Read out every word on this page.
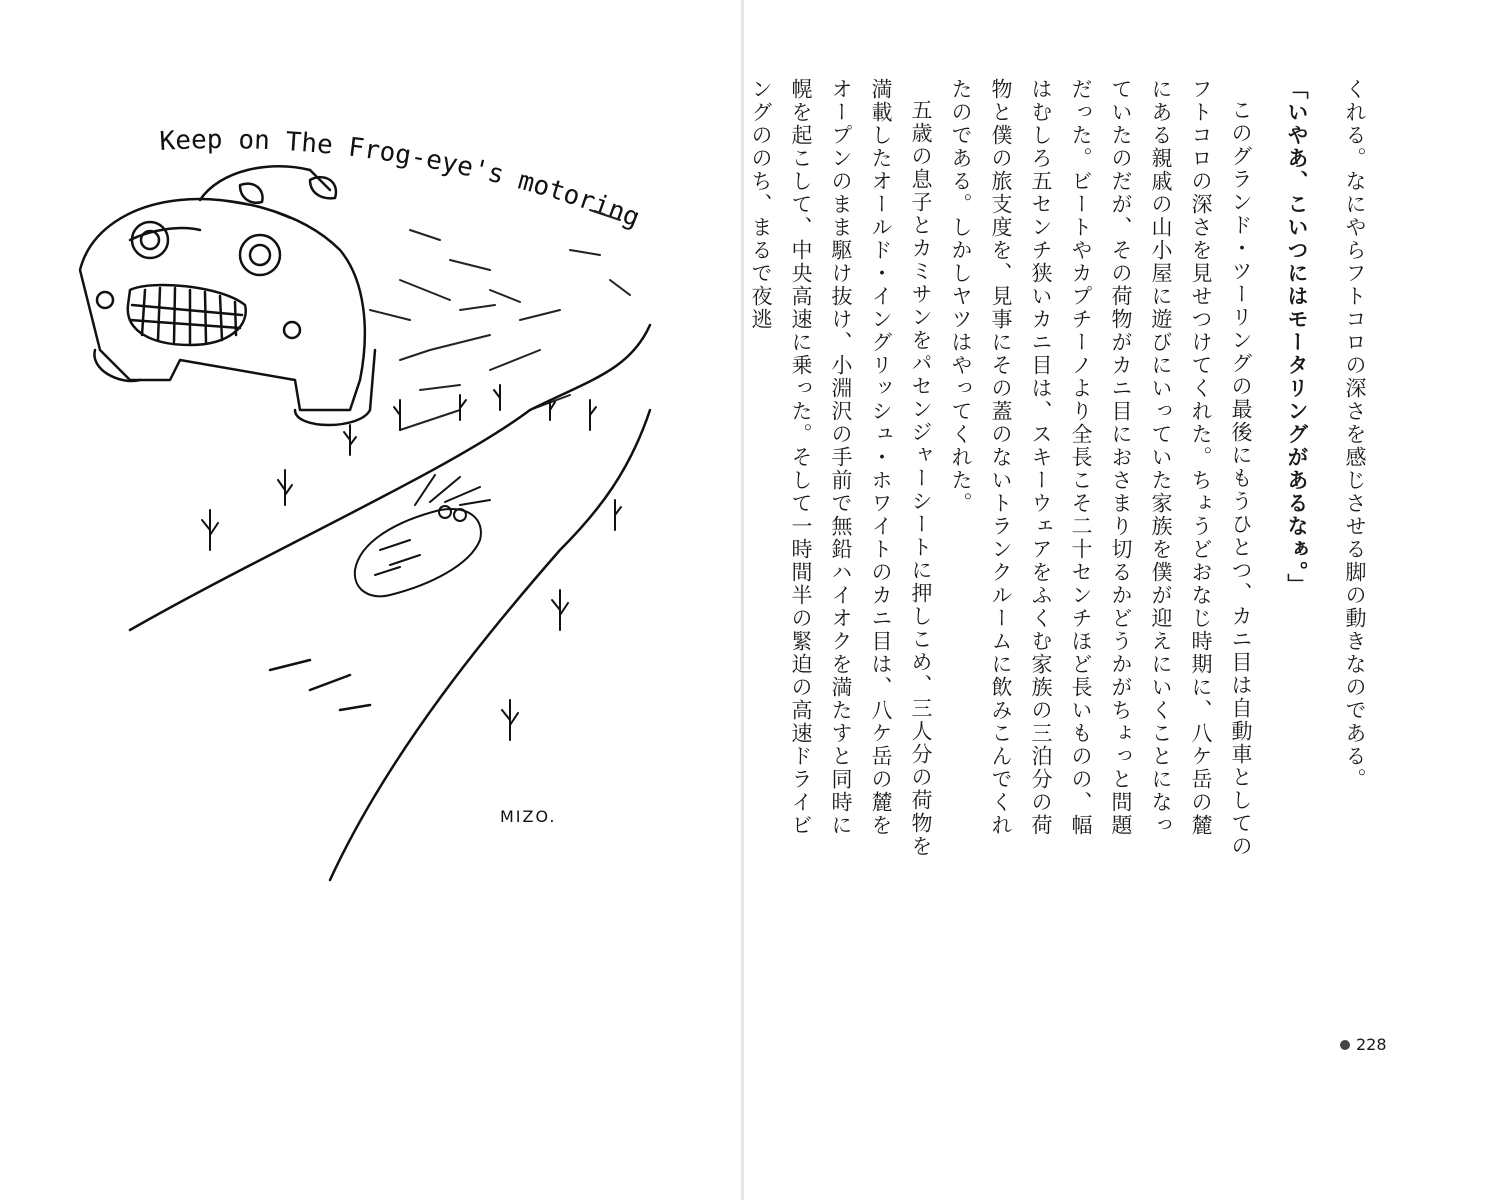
Keep on The Frog-eye's motoring!
MIZO.

くれる。なにやらフトコロの深さを感じさせる脚の動きなのである。

「いやあ、こいつにはモータリングがあるなぁ。」

このグランド・ツーリングの最後にもうひとつ、カニ目は自動車としてのフトコロの深さを見せつけてくれた。ちょうどおなじ時期に、八ケ岳の麓にある親戚の山小屋に遊びにいっていた家族を僕が迎えにいくことになっていたのだが、その荷物がカニ目におさまり切るかどうかがちょっと問題だった。ビートやカプチーノより全長こそ二十センチほど長いものの、幅はむしろ五センチ狭いカニ目は、スキーウェアをふくむ家族の三泊分の荷物と僕の旅支度を、見事にその蓋のないトランクルームに飲みこんでくれたのである。しかしヤツはやってくれた。

五歳の息子とカミサンをパセンジャーシートに押しこめ、三人分の荷物を満載したオールド・イングリッシュ・ホワイトのカニ目は、八ケ岳の麓をオープンのまま駆け抜け、小淵沢の手前で無鉛ハイオクを満たすと同時に幌を起こして、中央高速に乗った。そして一時間半の緊迫の高速ドライビングののち、まるで夜逃

228
